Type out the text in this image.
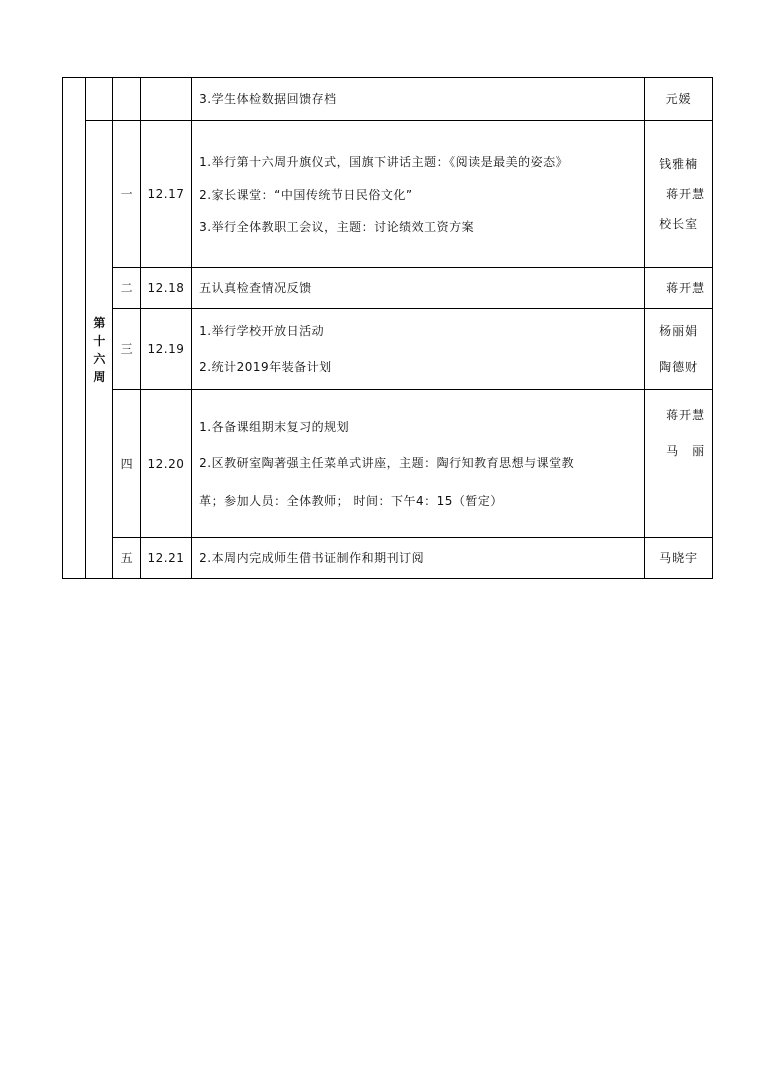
				3.学生体检数据回馈存档	元媛

	第
十
六
周	一	12.17	1.举行第十六周升旗仪式，国旗下讲话主题：《阅读是最美的姿态》
2.家长课堂：“中国传统节日民俗文化”
3.举行全体教职工会议，主题：讨论绩效工资方案	钱雅楠
蒋开慧
校长室

		二	12.18	五认真检查情况反馈	蒋开慧

		三	12.19	1.举行学校开放日活动
2.统计2019年装备计划	杨丽娟
陶德财

		四	12.20	1.各备课组期末复习的规划
2.区教研室陶著强主任菜单式讲座，主题：陶行知教育思想与课堂教
革；参加人员：全体教师； 时间：下午4：15（暂定）	蒋开慧
马　丽

		五	12.21	2.本周内完成师生借书证制作和期刊订阅	马晓宇
